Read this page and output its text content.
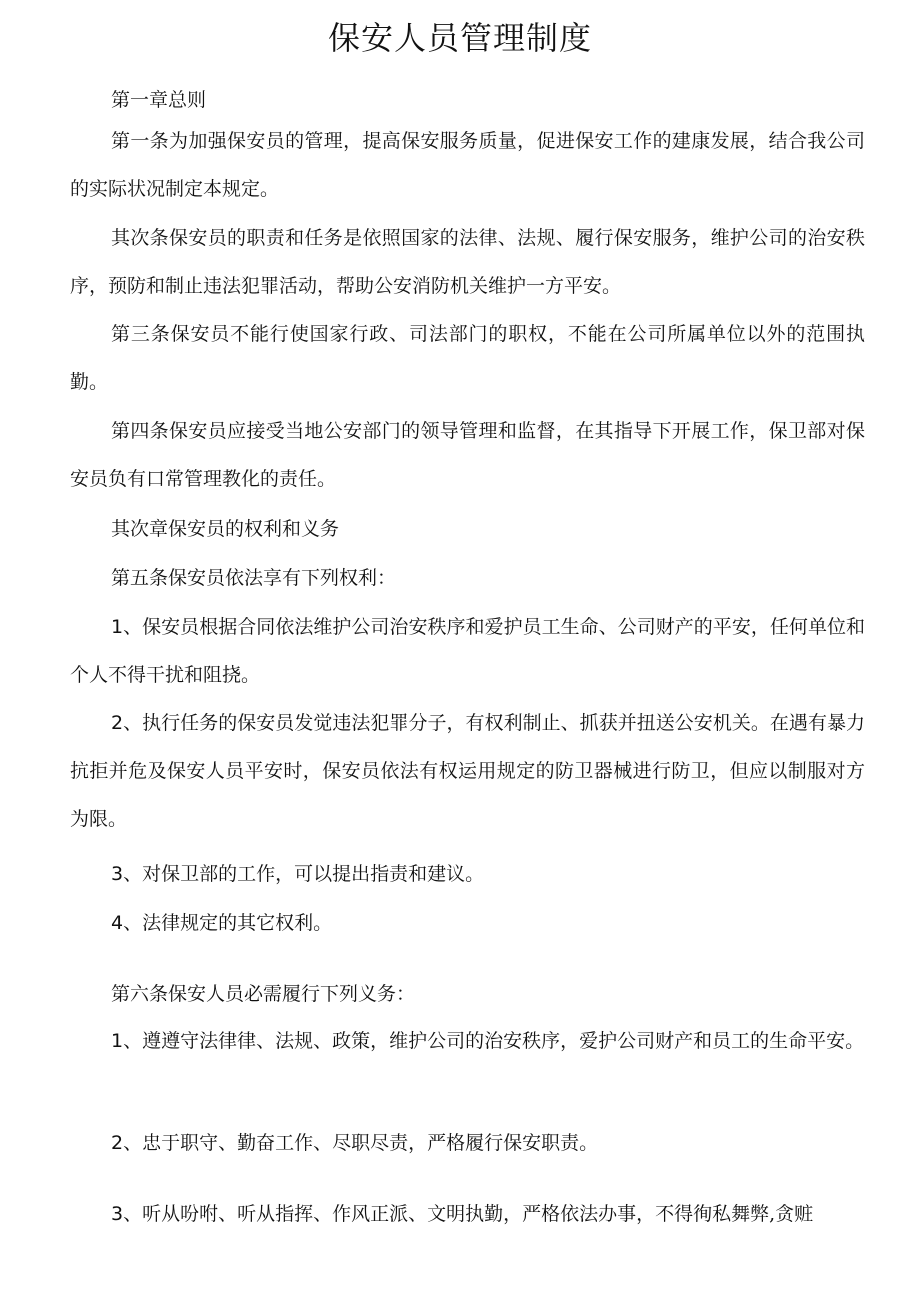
保安人员管理制度

第一章总则

第一条为加强保安员的管理，提高保安服务质量，促进保安工作的建康发展，结合我公司的实际状况制定本规定。

其次条保安员的职责和任务是依照国家的法律、法规、履行保安服务，维护公司的治安秩序，预防和制止违法犯罪活动，帮助公安消防机关维护一方平安。

第三条保安员不能行使国家行政、司法部门的职权，不能在公司所属单位以外的范围执勤。

第四条保安员应接受当地公安部门的领导管理和监督，在其指导下开展工作，保卫部对保安员负有口常管理教化的责任。

其次章保安员的权利和义务

第五条保安员依法享有下列权利：

1、保安员根据合同依法维护公司治安秩序和爱护员工生命、公司财产的平安，任何单位和个人不得干扰和阻挠。

2、执行任务的保安员发觉违法犯罪分子，有权利制止、抓获并扭送公安机关。在遇有暴力抗拒并危及保安人员平安时，保安员依法有权运用规定的防卫器械进行防卫，但应以制服对方为限。

3、对保卫部的工作，可以提出指责和建议。

4、法律规定的其它权利。

第六条保安人员必需履行下列义务：

1、遵遵守法律律、法规、政策，维护公司的治安秩序，爱护公司财产和员工的生命平安。

2、忠于职守、勤奋工作、尽职尽责，严格履行保安职责。

3、听从吩咐、听从指挥、作风正派、文明执勤，严格依法办事，不得徇私舞弊,贪赃
